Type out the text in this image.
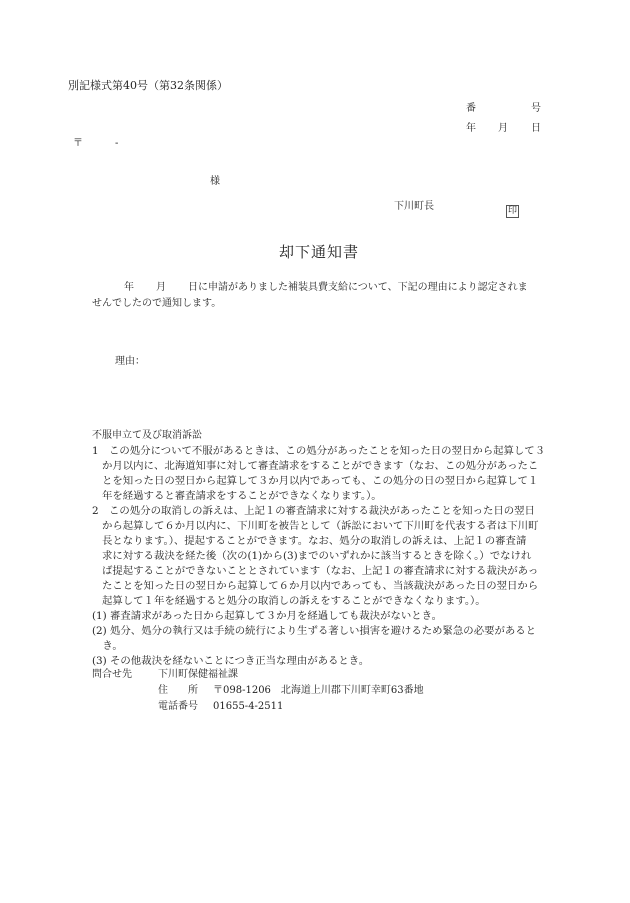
別記様式第40号（第32条関係）
番	号
年 月 日
〒	-
様
下川町長	印
却下通知書
年 月 日に申請がありました補装具費支給について、下記の理由により認定されま
せんでしたので通知します。
理由：
不服申立て及び取消訴訟
1　この処分について不服があるときは、この処分があったことを知った日の翌日から起算して３
か月以内に、北海道知事に対して審査請求をすることができます（なお、この処分があったこ
とを知った日の翌日から起算して３か月以内であっても、この処分の日の翌日から起算して１
年を経過すると審査請求をすることができなくなります。）。
2　この処分の取消しの訴えは、上記１の審査請求に対する裁決があったことを知った日の翌日
から起算して６か月以内に、下川町を被告として（訴訟において下川町を代表する者は下川町
長となります。）、提起することができます。なお、処分の取消しの訴えは、上記１の審査請
求に対する裁決を経た後（次の(1)から(3)までのいずれかに該当するときを除く。）でなけれ
ば提起することができないこととされています（なお、上記１の審査請求に対する裁決があっ
たことを知った日の翌日から起算して６か月以内であっても、当該裁決があった日の翌日から
起算して１年を経過すると処分の取消しの訴えをすることができなくなります。）。
(1) 審査請求があった日から起算して３か月を経過しても裁決がないとき。
(2) 処分、処分の執行又は手続の続行により生ずる著しい損害を避けるため緊急の必要があると
　き。
(3) その他裁決を経ないことにつき正当な理由があるとき。
問合せ先	下川町保健福祉課
住　　所 〒098-1206　北海道上川郡下川町幸町63番地
電話番号 01655-4-2511
